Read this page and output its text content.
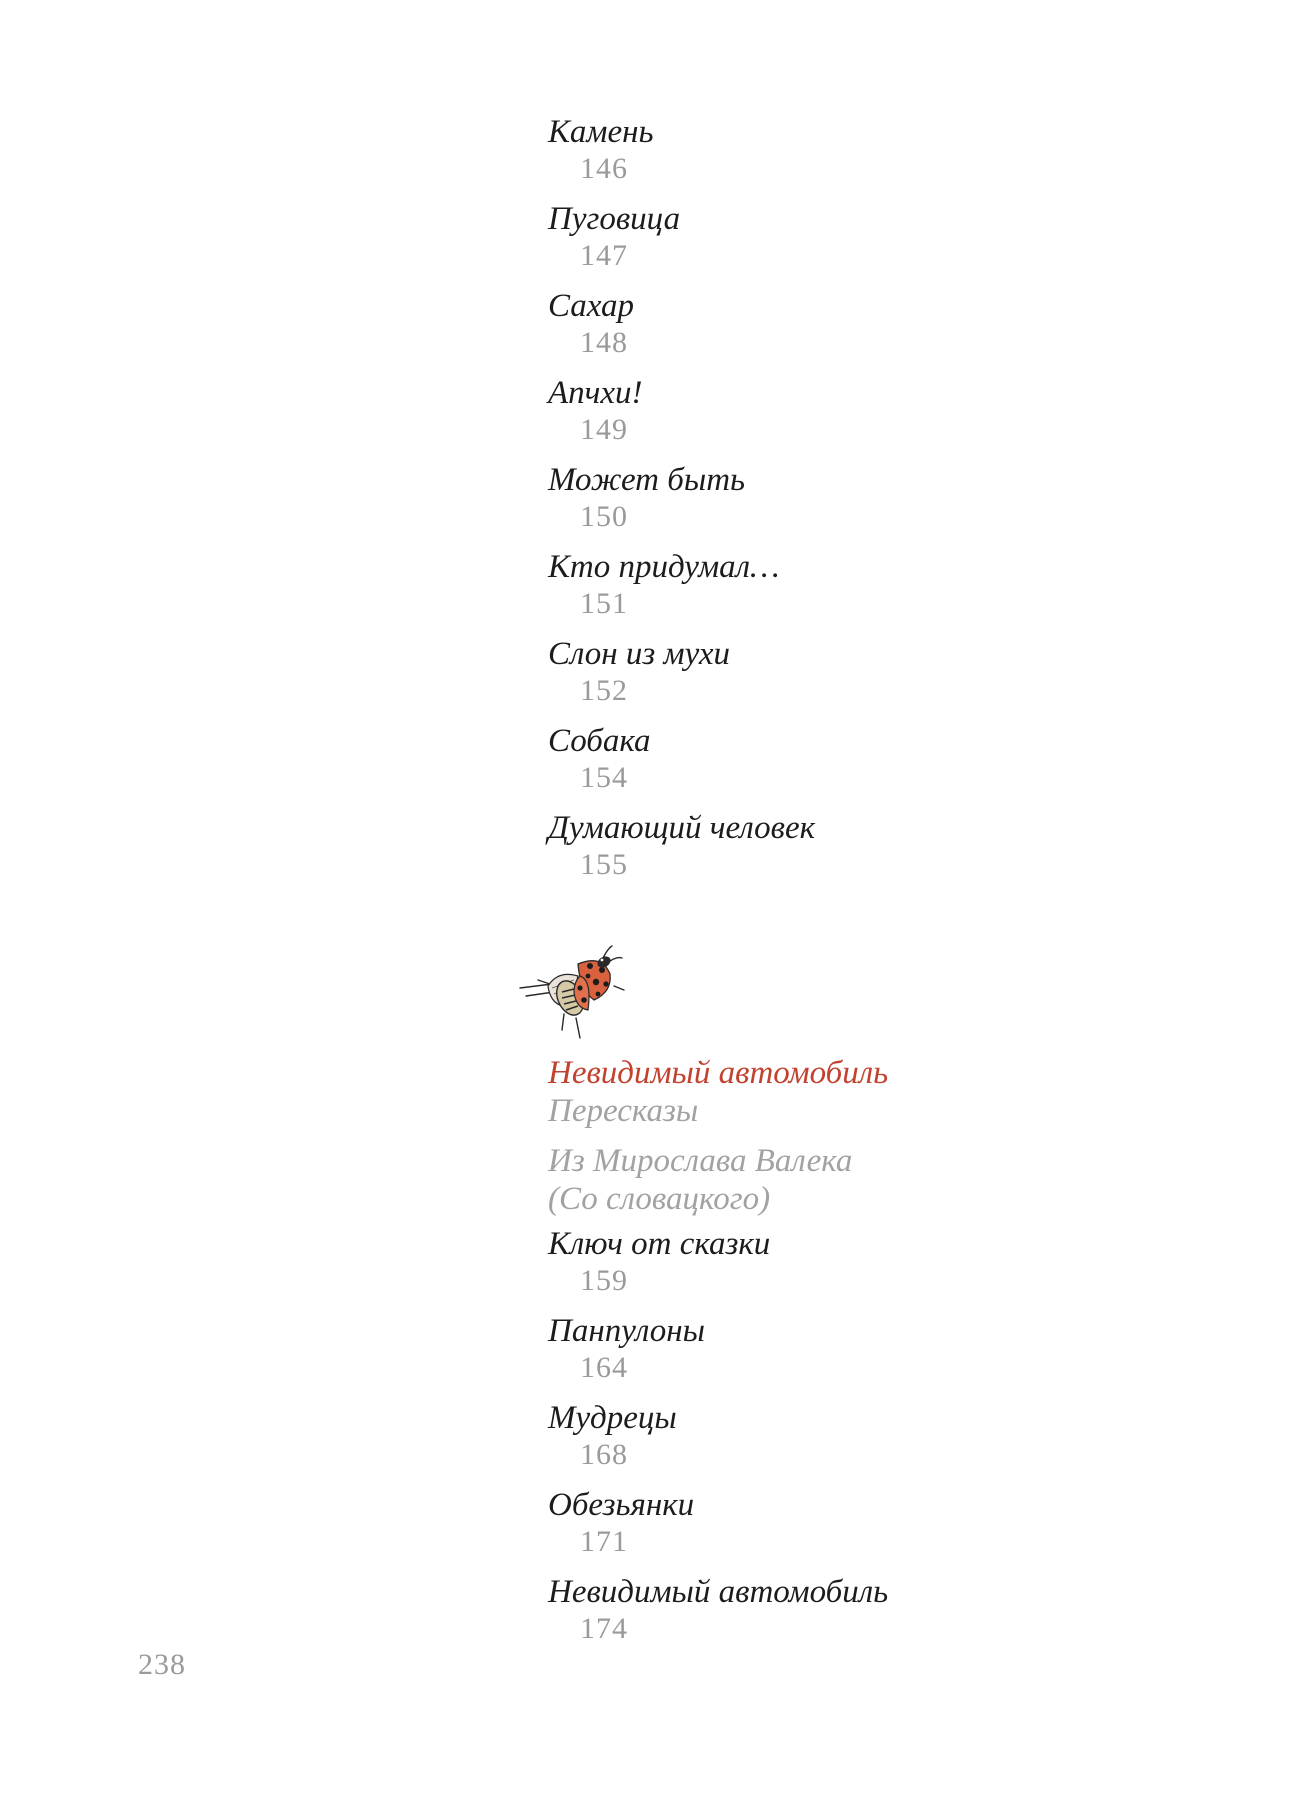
Камень
146
Пуговица
147
Сахар
148
Апчхи!
149
Может быть
150
Кто придумал…
151
Слон из мухи
152
Собака
154
Думающий человек
155
Невидимый автомобиль
Пересказы
Из Мирослава Валека
(Со словацкого)
Ключ от сказки
159
Панпулоны
164
Мудрецы
168
Обезьянки
171
Невидимый автомобиль
174
238
